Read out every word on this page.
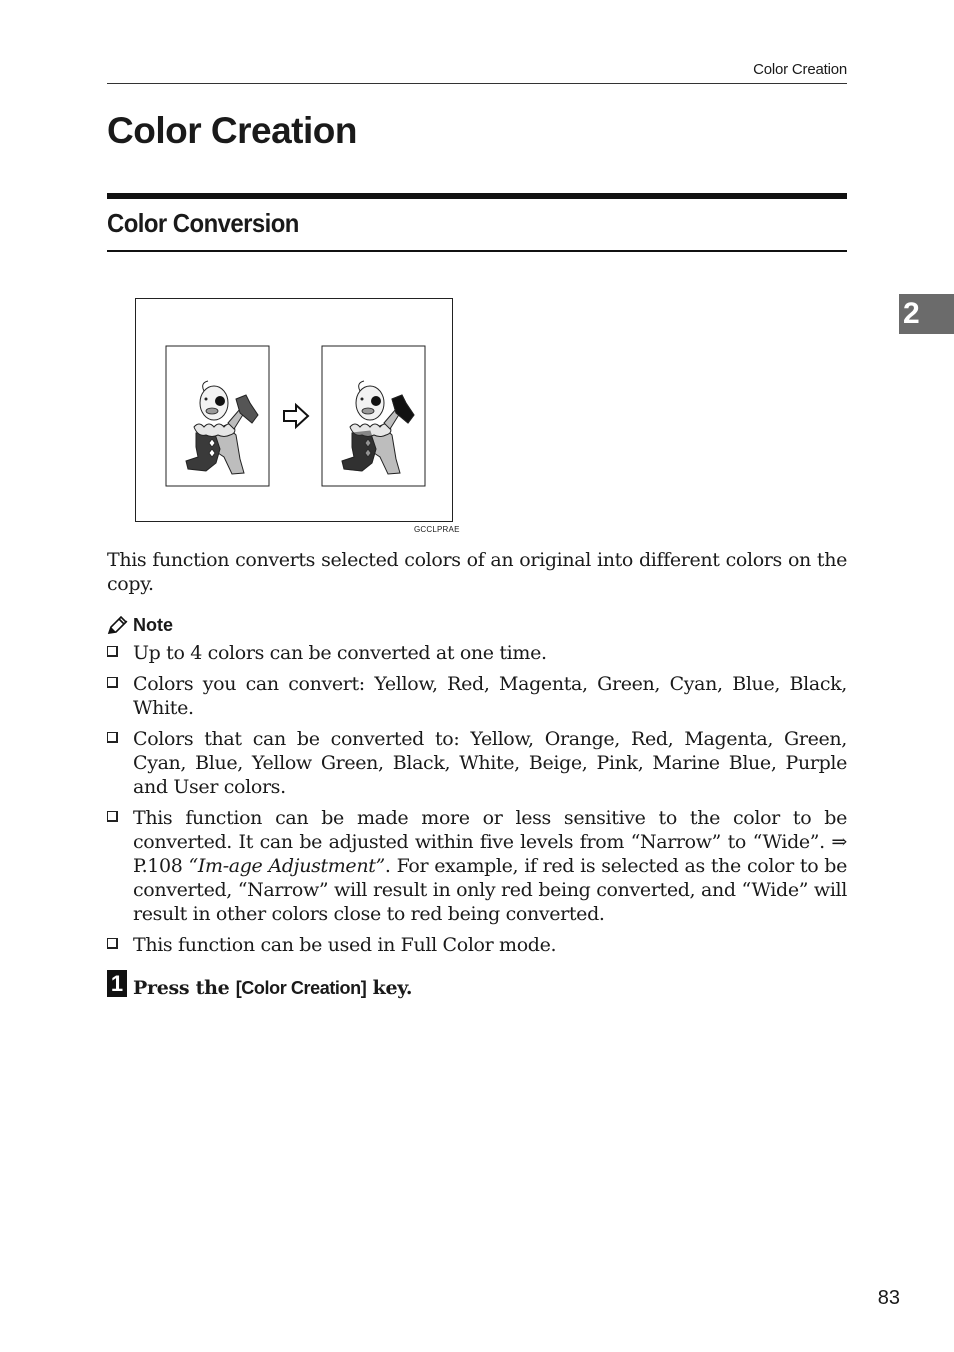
Color Creation
Color Creation
Color Conversion
2
GCCLPRAE

This function converts selected colors of an original into different colors on the copy.

Note
Up to 4 colors can be converted at one time.
Colors you can convert: Yellow, Red, Magenta, Green, Cyan, Blue, Black, White.
Colors that can be converted to: Yellow, Orange, Red, Magenta, Green, Cyan, Blue, Yellow Green, Black, White, Beige, Pink, Marine Blue, Purple and User colors.
This function can be made more or less sensitive to the color to be converted. It can be adjusted within five levels from “Narrow” to “Wide”. ⇒ P.108 “Im-age Adjustment”. For example, if red is selected as the color to be converted, “Narrow” will result in only red being converted, and “Wide” will result in other colors close to red being converted.
This function can be used in Full Color mode.
1 Press the [Color Creation] key.
83
